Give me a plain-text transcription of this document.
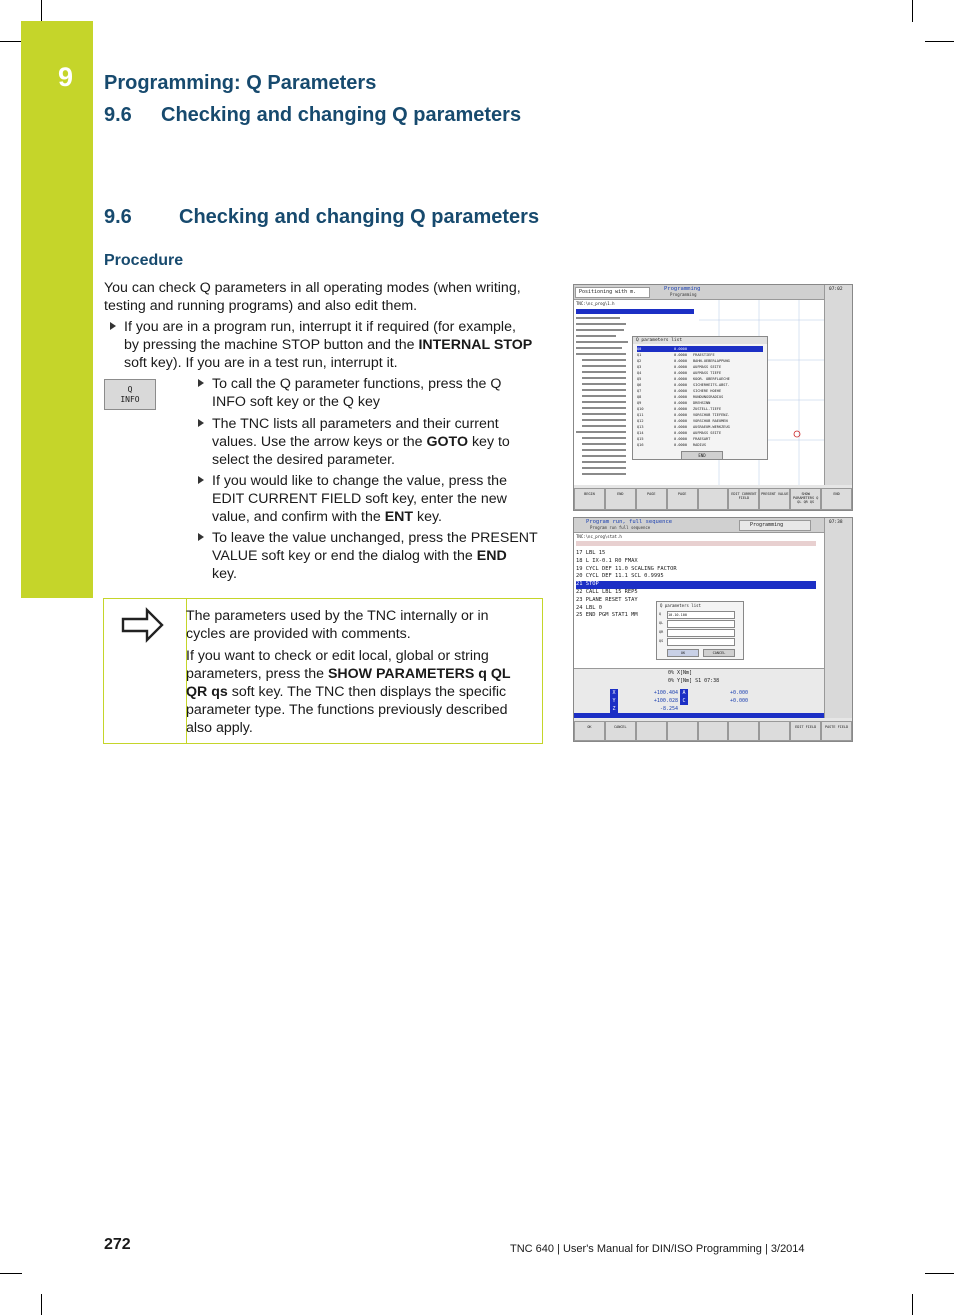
9 Programming: Q Parameters
9.6 Checking and changing Q parameters
9.6 Checking and changing Q parameters
Procedure
You can check Q parameters in all operating modes (when writing,
testing and running programs) and also edit them.
If you are in a program run, interrupt it if required (for example,
by pressing the machine STOP button and the INTERNAL STOP
soft key). If you are in a test run, interrupt it.
Q
INFO
To call the Q parameter functions, press the Q
INFO soft key or the Q key
The TNC lists all parameters and their current
values. Use the arrow keys or the GOTO key to
select the desired parameter.
If you would like to change the value, press the
EDIT CURRENT FIELD soft key, enter the new
value, and confirm with the ENT key.
To leave the value unchanged, press the PRESENT
VALUE soft key or end the dialog with the END
key.
The parameters used by the TNC internally or in
cycles are provided with comments.
If you want to check or edit local, global or string
parameters, press the SHOW PARAMETERS q QL
QR qs soft key. The TNC then displays the specific
parameter type. The functions previously described
also apply.
Positioning with m.	Programming
Programming
07:02
TNC:\nc_prog\1.h
Q parameters list
Q0	0.0000
Q1	0.0000	FRAESTIEFE
Q2	0.0000	BAHN-UEBERLAPPUNG
Q3	0.0000	AUFMASS SEITE
Q4	0.0000	AUFMASS TIEFE
Q5	0.0000	KOOR. OBERFLAECHE
Q6	0.0000	SICHERHEITS-ABST.
Q7	0.0000	SICHERE HOEHE
Q8	0.0000	RUNDUNGSRADIUS
Q9	0.0000	DREHSINN
Q10	0.0000	ZUSTELL-TIEFE
Q11	0.0000	VORSCHUB TIEFENZ.
Q12	0.0000	VORSCHUB RAEUMEN
Q13	0.0000	AUSRAEUM-WERKZEUG
Q14	0.0000	AUFMASS SEITE
Q15	0.0000	FRAESART
Q16	0.0000	RADIUS
END
BEGIN	END	PAGE	PAGE	EDIT CURRENT FIELD
PRESENT VALUE	SHOW PARAMETERS Q QL QR QS
END
Program run, full sequence
Program run full sequence	Programming	07:38
TNC:\nc_prog\stat.h
17 LBL 15
18 L IX-0.1 R0 FMAX
19 CYCL DEF 11.0 SCALING FACTOR
20 CYCL DEF 11.1 SCL 0.9995
21 STOP
22 CALL LBL 15 REP5
23 PLANE RESET STAY
24 LBL 0
25 END PGM STAT1 MM
Q parameters list
Q	10.10.100
QL
QR
QS
OK	CANCEL
0% X[Nm]
0% Y[Nm] S1 07:38
X	+100.404
Y	+100.028
Z	-8.254
A	+0.000
C	+0.000
OK	CANCEL	EDIT FIELD	PASTE FIELD
272	TNC 640 | User's Manual for DIN/ISO Programming | 3/2014
